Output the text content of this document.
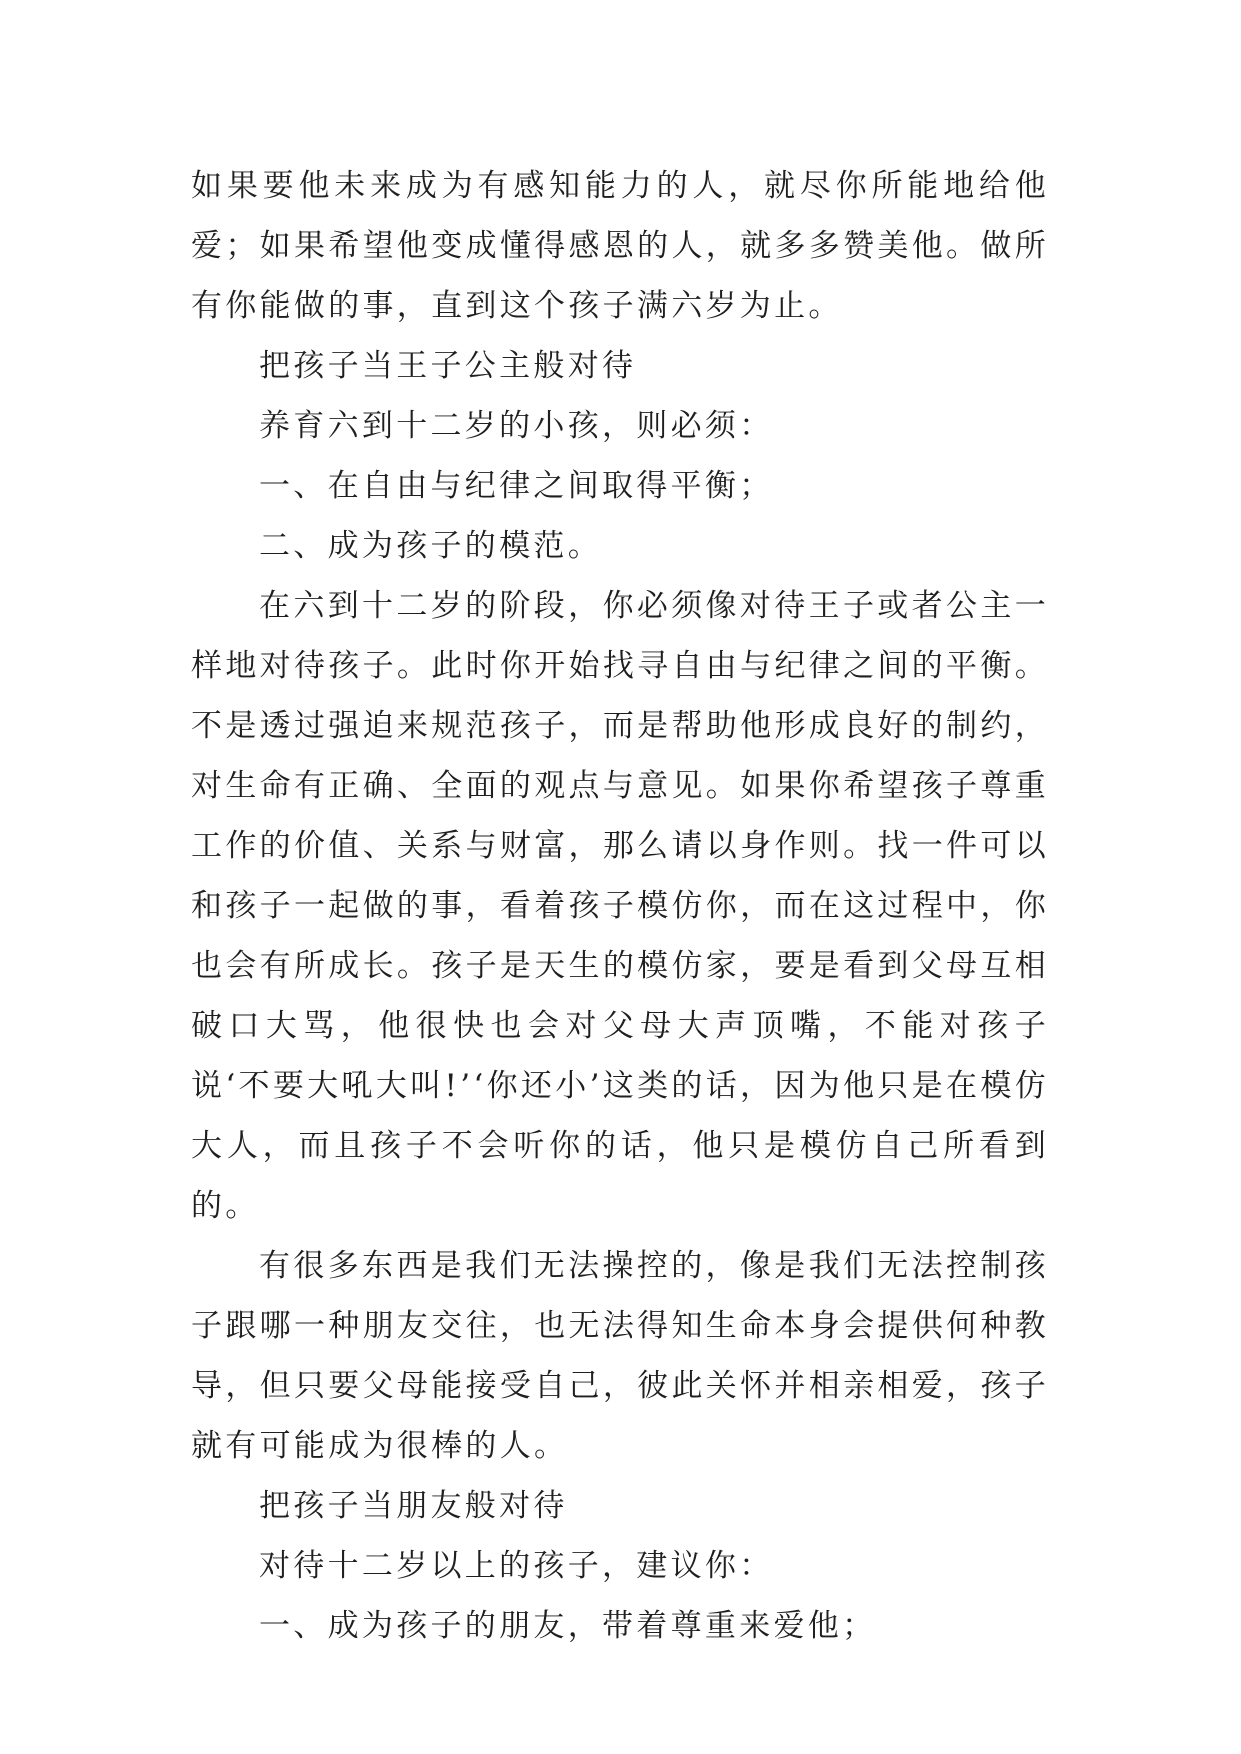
如果要他未来成为有感知能力的人，就尽你所能地给他爱；如果希望他变成懂得感恩的人，就多多赞美他。做所有你能做的事，直到这个孩子满六岁为止。

把孩子当王子公主般对待

养育六到十二岁的小孩，则必须：

一、在自由与纪律之间取得平衡；

二、成为孩子的模范。

在六到十二岁的阶段，你必须像对待王子或者公主一样地对待孩子。此时你开始找寻自由与纪律之间的平衡。不是透过强迫来规范孩子，而是帮助他形成良好的制约，对生命有正确、全面的观点与意见。如果你希望孩子尊重工作的价值、关系与财富，那么请以身作则。找一件可以和孩子一起做的事，看着孩子模仿你，而在这过程中，你也会有所成长。孩子是天生的模仿家，要是看到父母互相破口大骂，他很快也会对父母大声顶嘴，不能对孩子说‘不要大吼大叫!’‘你还小’这类的话，因为他只是在模仿大人，而且孩子不会听你的话，他只是模仿自己所看到的。

有很多东西是我们无法操控的，像是我们无法控制孩子跟哪一种朋友交往，也无法得知生命本身会提供何种教导，但只要父母能接受自己，彼此关怀并相亲相爱，孩子就有可能成为很棒的人。

把孩子当朋友般对待

对待十二岁以上的孩子，建议你：

一、成为孩子的朋友，带着尊重来爱他；
